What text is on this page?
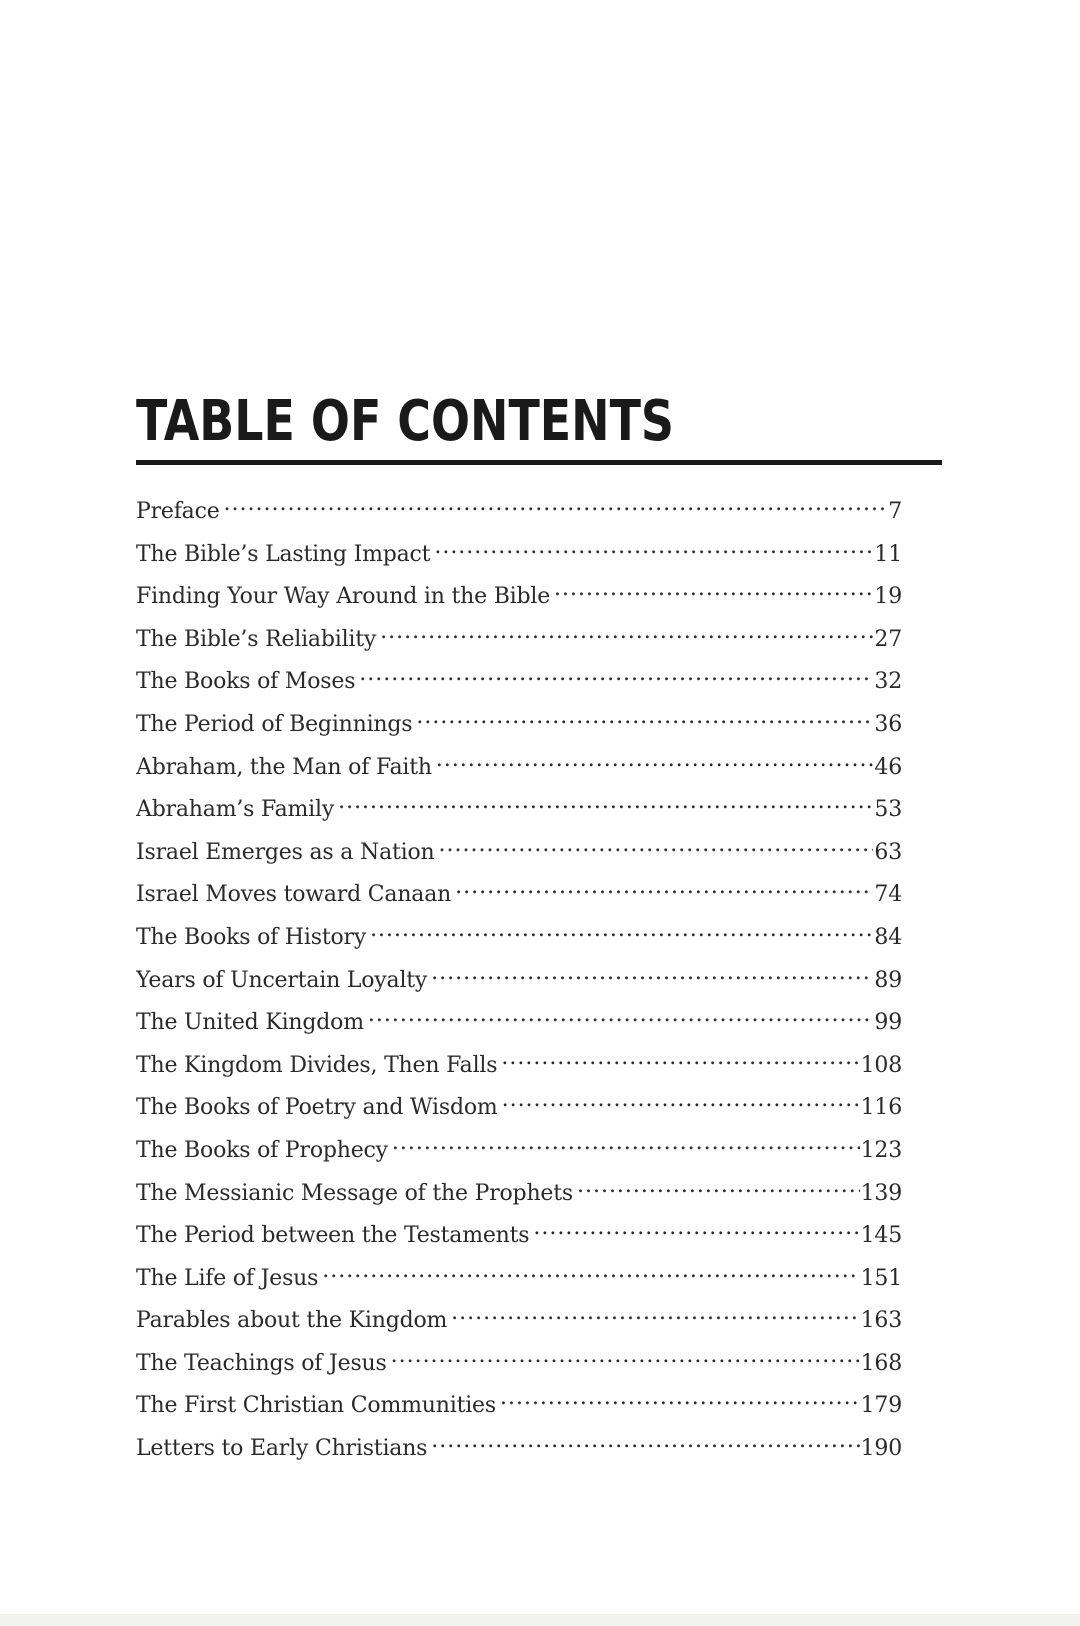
TABLE OF CONTENTS
Preface .....	7
The Bible’s Lasting Impact .....	11
Finding Your Way Around in the Bible .....	19
The Bible’s Reliability .....	27
The Books of Moses .....	32
The Period of Beginnings .....	36
Abraham, the Man of Faith .....	46
Abraham’s Family .....	53
Israel Emerges as a Nation .....	63
Israel Moves toward Canaan .....	74
The Books of History .....	84
Years of Uncertain Loyalty .....	89
The United Kingdom .....	99
The Kingdom Divides, Then Falls .....	108
The Books of Poetry and Wisdom .....	116
The Books of Prophecy .....	123
The Messianic Message of the Prophets .....	139
The Period between the Testaments .....	145
The Life of Jesus .....	151
Parables about the Kingdom .....	163
The Teachings of Jesus .....	168
The First Christian Communities .....	179
Letters to Early Christians .....	190
